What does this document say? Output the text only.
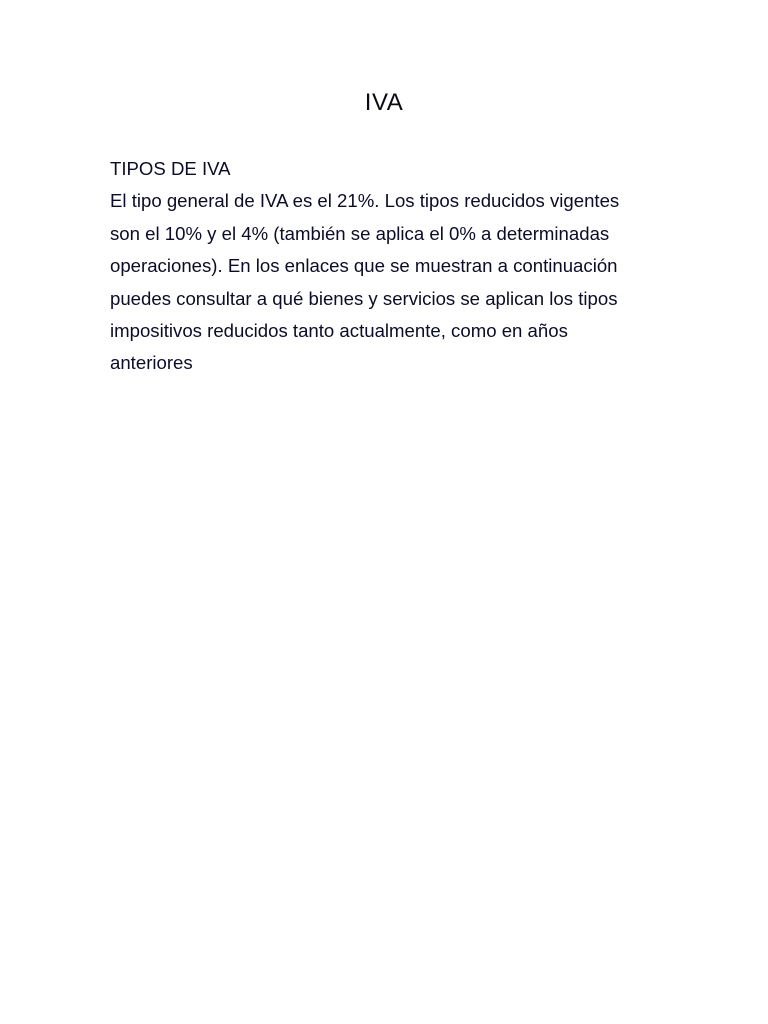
IVA
TIPOS DE IVA

El tipo general de IVA es el 21%. Los tipos reducidos vigentes
son el 10% y el 4% (también se aplica el 0% a determinadas
operaciones). En los enlaces que se muestran a continuación
puedes consultar a qué bienes y servicios se aplican los tipos
impositivos reducidos tanto actualmente, como en años
anteriores
